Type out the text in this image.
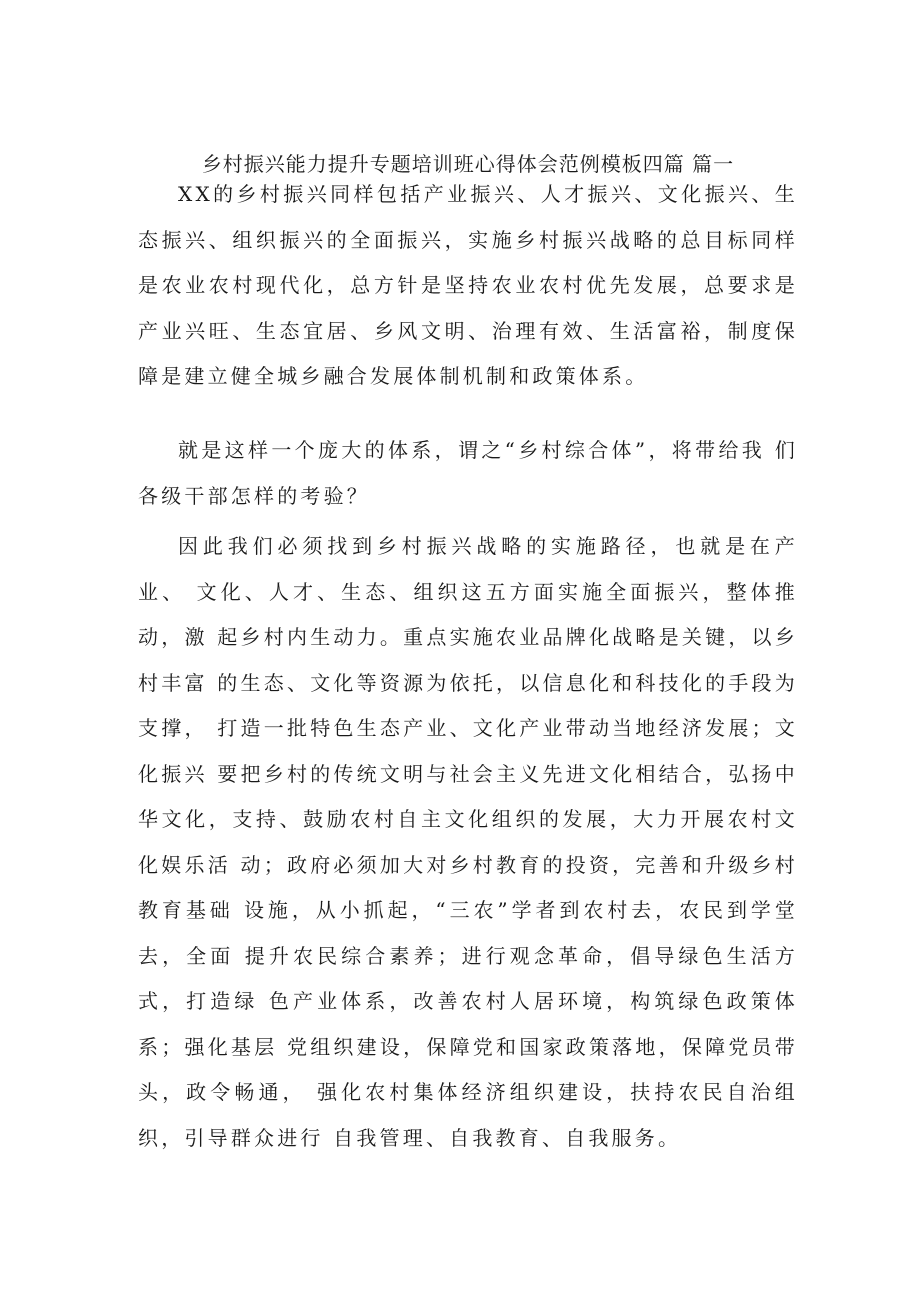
乡村振兴能力提升专题培训班心得体会范例模板四篇 篇一

XX的乡村振兴同样包括产业振兴、人才振兴、文化振兴、生 态振兴、组织振兴的全面振兴，实施乡村振兴战略的总目标同样 是农业农村现代化，总方针是坚持农业农村优先发展，总要求是 产业兴旺、生态宜居、乡风文明、治理有效、生活富裕，制度保 障是建立健全城乡融合发展体制机制和政策体系。

就是这样一个庞大的体系，谓之“乡村综合体”，将带给我 们各级干部怎样的考验？

因此我们必须找到乡村振兴战略的实施路径，也就是在产业、 文化、人才、生态、组织这五方面实施全面振兴，整体推动，激 起乡村内生动力。重点实施农业品牌化战略是关键，以乡村丰富 的生态、文化等资源为依托，以信息化和科技化的手段为支撑， 打造一批特色生态产业、文化产业带动当地经济发展；文化振兴 要把乡村的传统文明与社会主义先进文化相结合，弘扬中华文化，支持、鼓励农村自主文化组织的发展，大力开展农村文化娱乐活 动；政府必须加大对乡村教育的投资，完善和升级乡村教育基础 设施，从小抓起，“三农”学者到农村去，农民到学堂去，全面 提升农民综合素养；进行观念革命，倡导绿色生活方式，打造绿 色产业体系，改善农村人居环境，构筑绿色政策体系；强化基层 党组织建设，保障党和国家政策落地，保障党员带头，政令畅通， 强化农村集体经济组织建设，扶持农民自治组织，引导群众进行 自我管理、自我教育、自我服务。
